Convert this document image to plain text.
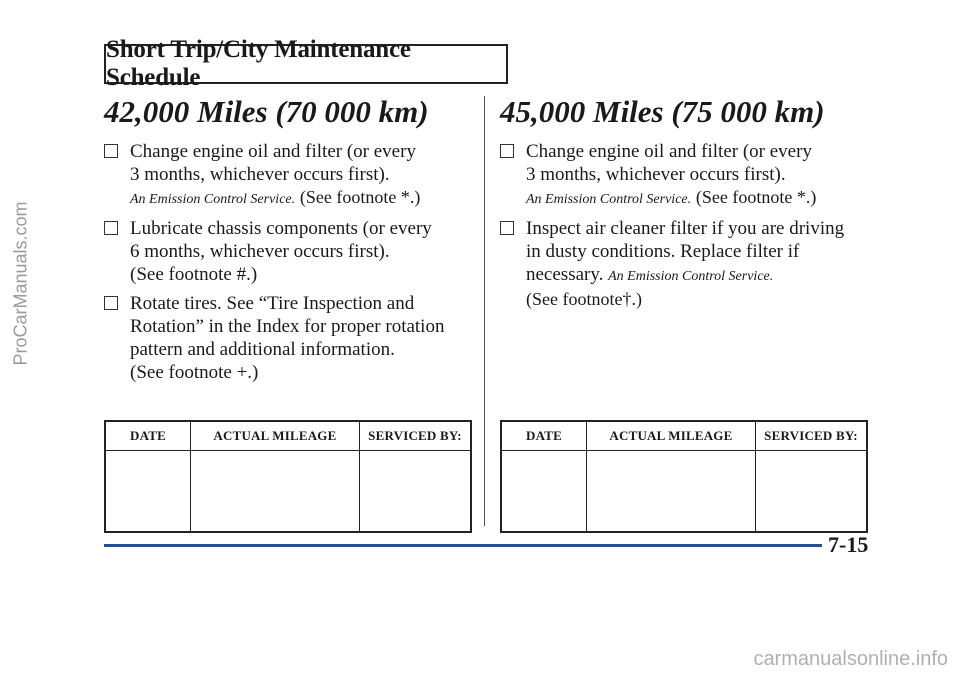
Short Trip/City Maintenance Schedule
42,000 Miles (70 000 km)
Change engine oil and filter (or every
3 months, whichever occurs first).
An Emission Control Service. (See footnote *.)
Lubricate chassis components (or every
6 months, whichever occurs first).
(See footnote #.)
Rotate tires. See “Tire Inspection and
Rotation” in the Index for proper rotation
pattern and additional information.
(See footnote +.)
45,000 Miles (75 000 km)
Change engine oil and filter (or every
3 months, whichever occurs first).
An Emission Control Service. (See footnote *.)
Inspect air cleaner filter if you are driving
in dusty conditions. Replace filter if
necessary. An Emission Control Service.
(See footnote†.)
DATE	ACTUAL MILEAGE	SERVICED BY:
			DATE	ACTUAL MILEAGE	SERVICED BY:

7-15
ProCarManuals.com
carmanualsonline.info
